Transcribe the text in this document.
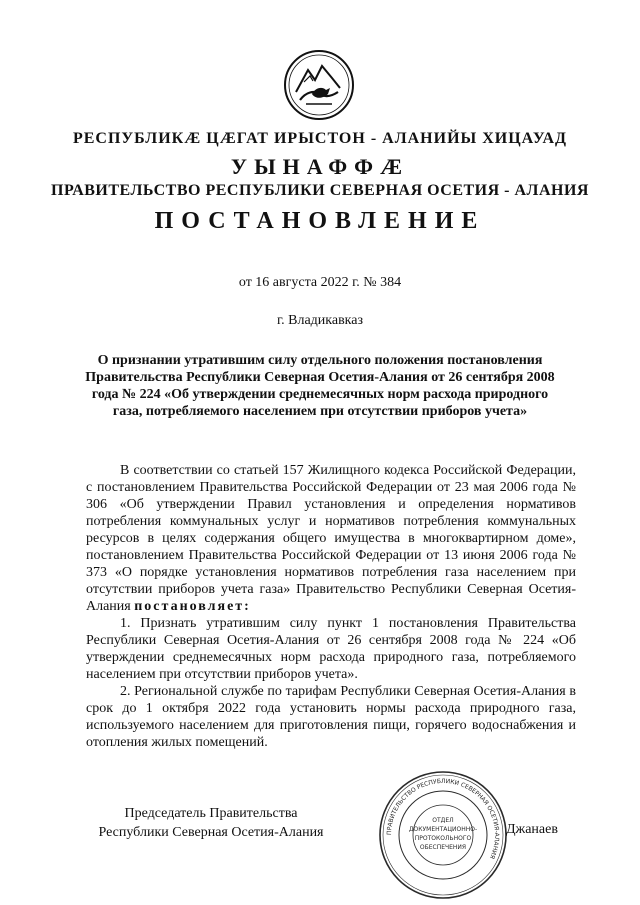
РЕСПУБЛИКӔ ЦӔГАТ ИРЫСТОН - АЛАНИЙЫ ХИЦАУАД
УЫНАФФӔ
ПРАВИТЕЛЬСТВО РЕСПУБЛИКИ СЕВЕРНАЯ ОСЕТИЯ - АЛАНИЯ
ПОСТАНОВЛЕНИЕ
от 16 августа 2022 г. № 384
г. Владикавказ
О признании утратившим силу отдельного положения постановления Правительства Республики Северная Осетия-Алания от 26 сентября 2008 года № 224 «Об утверждении среднемесячных норм расхода природного газа, потребляемого населением при отсутствии приборов учета»

В соответствии со статьей 157 Жилищного кодекса Российской Федерации, с постановлением Правительства Российской Федерации от 23 мая 2006 года № 306 «Об утверждении Правил установления и определения нормативов потребления коммунальных услуг и нормативов потребления коммунальных ресурсов в целях содержания общего имущества в многоквартирном доме», постановлением Правительства Российской Федерации от 13 июня 2006 года № 373 «О порядке установления нормативов потребления газа населением при отсутствии приборов учета газа» Правительство Республики Северная Осетия-Алания постановляет:

1. Признать утратившим силу пункт 1 постановления Правительства Республики Северная Осетия-Алания от 26 сентября 2008 года № 224 «Об утверждении среднемесячных норм расхода природного газа, потребляемого населением при отсутствии приборов учета».

2. Региональной службе по тарифам Республики Северная Осетия-Алания в срок до 1 октября 2022 года установить нормы расхода природного газа, используемого населением для приготовления пищи, горячего водоснабжения и отопления жилых помещений.

Председатель Правительства
Республики Северная Осетия-Алания	ПРАВИТЕЛЬСТВО РЕСПУБЛИКИ СЕВЕРНАЯ ОСЕТИЯ-АЛАНИЯ
ОТДЕЛ
ДОКУМЕНТАЦИОННО-
ПРОТОКОЛЬНОГО
ОБЕСПЕЧЕНИЯ
Джанаев
